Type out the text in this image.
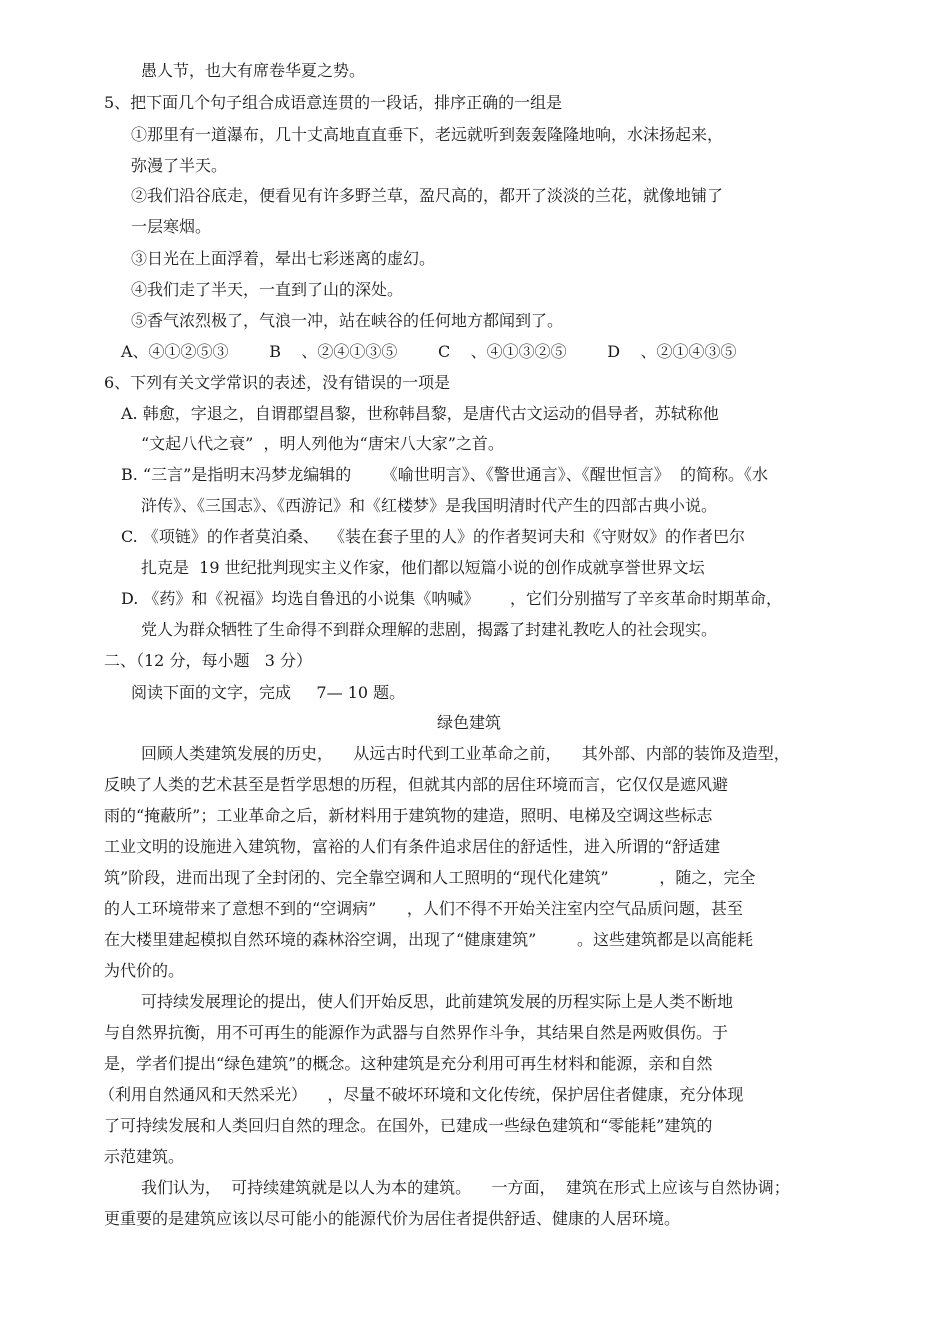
愚人节，也大有席卷华夏之势。
5、把下面几个句子组合成语意连贯的一段话，排序正确的一组是
①那里有一道瀑布，几十丈高地直直垂下，老远就听到轰轰隆隆地响，水沫扬起来，
弥漫了半天。
②我们沿谷底走，便看见有许多野兰草，盈尺高的，都开了淡淡的兰花，就像地铺了
一层寒烟。
③日光在上面浮着，晕出七彩迷离的虚幻。
④我们走了半天，一直到了山的深处。
⑤香气浓烈极了，气浪一冲，站在峡谷的任何地方都闻到了。
A、④①②⑤③        B    、②④①③⑤        C    、④①③②⑤        D    、②①④③⑤
6、下列有关文学常识的表述，没有错误的一项是
A. 韩愈，字退之，自谓郡望昌黎，世称韩昌黎，是唐代古文运动的倡导者，苏轼称他
“文起八代之衰”  ，明人列他为“唐宋八大家”之首。
B. “三言”是指明末冯梦龙编辑的      《喻世明言》、《警世通言》、《醒世恒言》  的简称。《水
浒传》、《三国志》、《西游记》和《红楼梦》是我国明清时代产生的四部古典小说。
C. 《项链》的作者莫泊桑、  《装在套子里的人》的作者契诃夫和《守财奴》的作者巴尔
扎克是  19 世纪批判现实主义作家，他们都以短篇小说的创作成就享誉世界文坛
D. 《药》和《祝福》均选自鲁迅的小说集《呐喊》      ，它们分别描写了辛亥革命时期革命，
党人为群众牺牲了生命得不到群众理解的悲剧，揭露了封建礼教吃人的社会现实。
二、（12 分，每小题   3 分）
阅读下面的文字，完成     7— 10 题。
绿色建筑
回顾人类建筑发展的历史，    从远古时代到工业革命之前，    其外部、内部的装饰及造型，
反映了人类的艺术甚至是哲学思想的历程，但就其内部的居住环境而言，它仅仅是遮风避
雨的“掩蔽所”；工业革命之后，新材料用于建筑物的建造，照明、电梯及空调这些标志
工业文明的设施进入建筑物，富裕的人们有条件追求居住的舒适性，进入所谓的“舒适建
筑”阶段，进而出现了全封闭的、完全靠空调和人工照明的“现代化建筑”          ，随之，完全
的人工环境带来了意想不到的“空调病”      ，人们不得不开始关注室内空气品质问题，甚至
在大楼里建起模拟自然环境的森林浴空调，出现了“健康建筑”        。这些建筑都是以高能耗
为代价的。
可持续发展理论的提出，使人们开始反思，此前建筑发展的历程实际上是人类不断地
与自然界抗衡，用不可再生的能源作为武器与自然界作斗争，其结果自然是两败俱伤。于
是，学者们提出“绿色建筑”的概念。这种建筑是充分利用可再生材料和能源，亲和自然
（利用自然通风和天然采光）    ，尽量不破坏环境和文化传统，保护居住者健康，充分体现
了可持续发展和人类回归自然的理念。在国外，已建成一些绿色建筑和“零能耗”建筑的
示范建筑。
我们认为，  可持续建筑就是以人为本的建筑。    一方面，  建筑在形式上应该与自然协调；
更重要的是建筑应该以尽可能小的能源代价为居住者提供舒适、健康的人居环境。
